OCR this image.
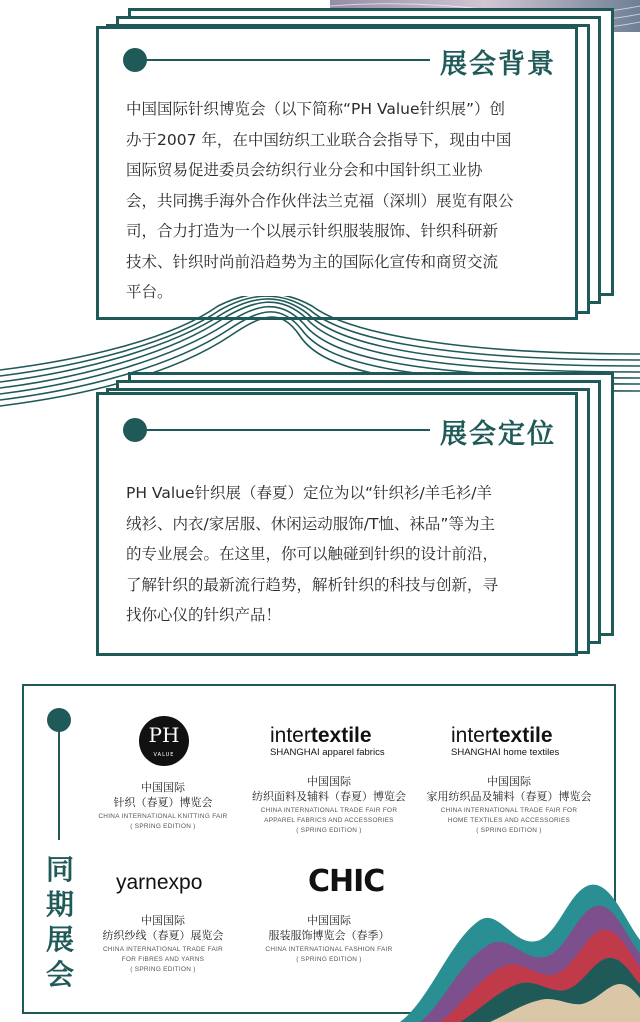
展会背景
中国国际针织博览会（以下简称“PH Value针织展”）创
办于2007 年，在中国纺织工业联合会指导下，现由中国
国际贸易促进委员会纺织行业分会和中国针织工业协
会，共同携手海外合作伙伴法兰克福（深圳）展览有限公
司，合力打造为一个以展示针织服装服饰、针织科研新
技术、针织时尚前沿趋势为主的国际化宣传和商贸交流
平台。
展会定位
PH Value针织展（春夏）定位为以“针织衫/羊毛衫/羊
绒衫、内衣/家居服、休闲运动服饰/T恤、袜品”等为主
的专业展会。在这里，你可以触碰到针织的设计前沿，
了解针织的最新流行趋势，解析针织的科技与创新，寻
找你心仪的针织产品！
同
期
展
会
PH
VALUE
中国国际
针织（春夏）博览会
CHINA INTERNATIONAL KNITTING FAIR
( SPRING EDITION )
intertextile
SHANGHAI apparel fabrics
中国国际
纺织面料及辅料（春夏）博览会
CHINA INTERNATIONAL TRADE FAIR FOR
APPAREL FABRICS AND ACCESSORIES
( SPRING EDITION )
intertextile
SHANGHAI home textiles
中国国际
家用纺织品及辅料（春夏）博览会
CHINA INTERNATIONAL TRADE FAIR FOR
HOME TEXTILES AND ACCESSORIES
( SPRING EDITION )
yarnexpo
中国国际
纺织纱线（春夏）展览会
CHINA INTERNATIONAL TRADE FAIR
FOR FIBRES AND YARNS
( SPRING EDITION )
CHIC
中国国际
服装服饰博览会（春季）
CHINA INTERNATIONAL FASHION FAIR
( SPRING EDITION )
